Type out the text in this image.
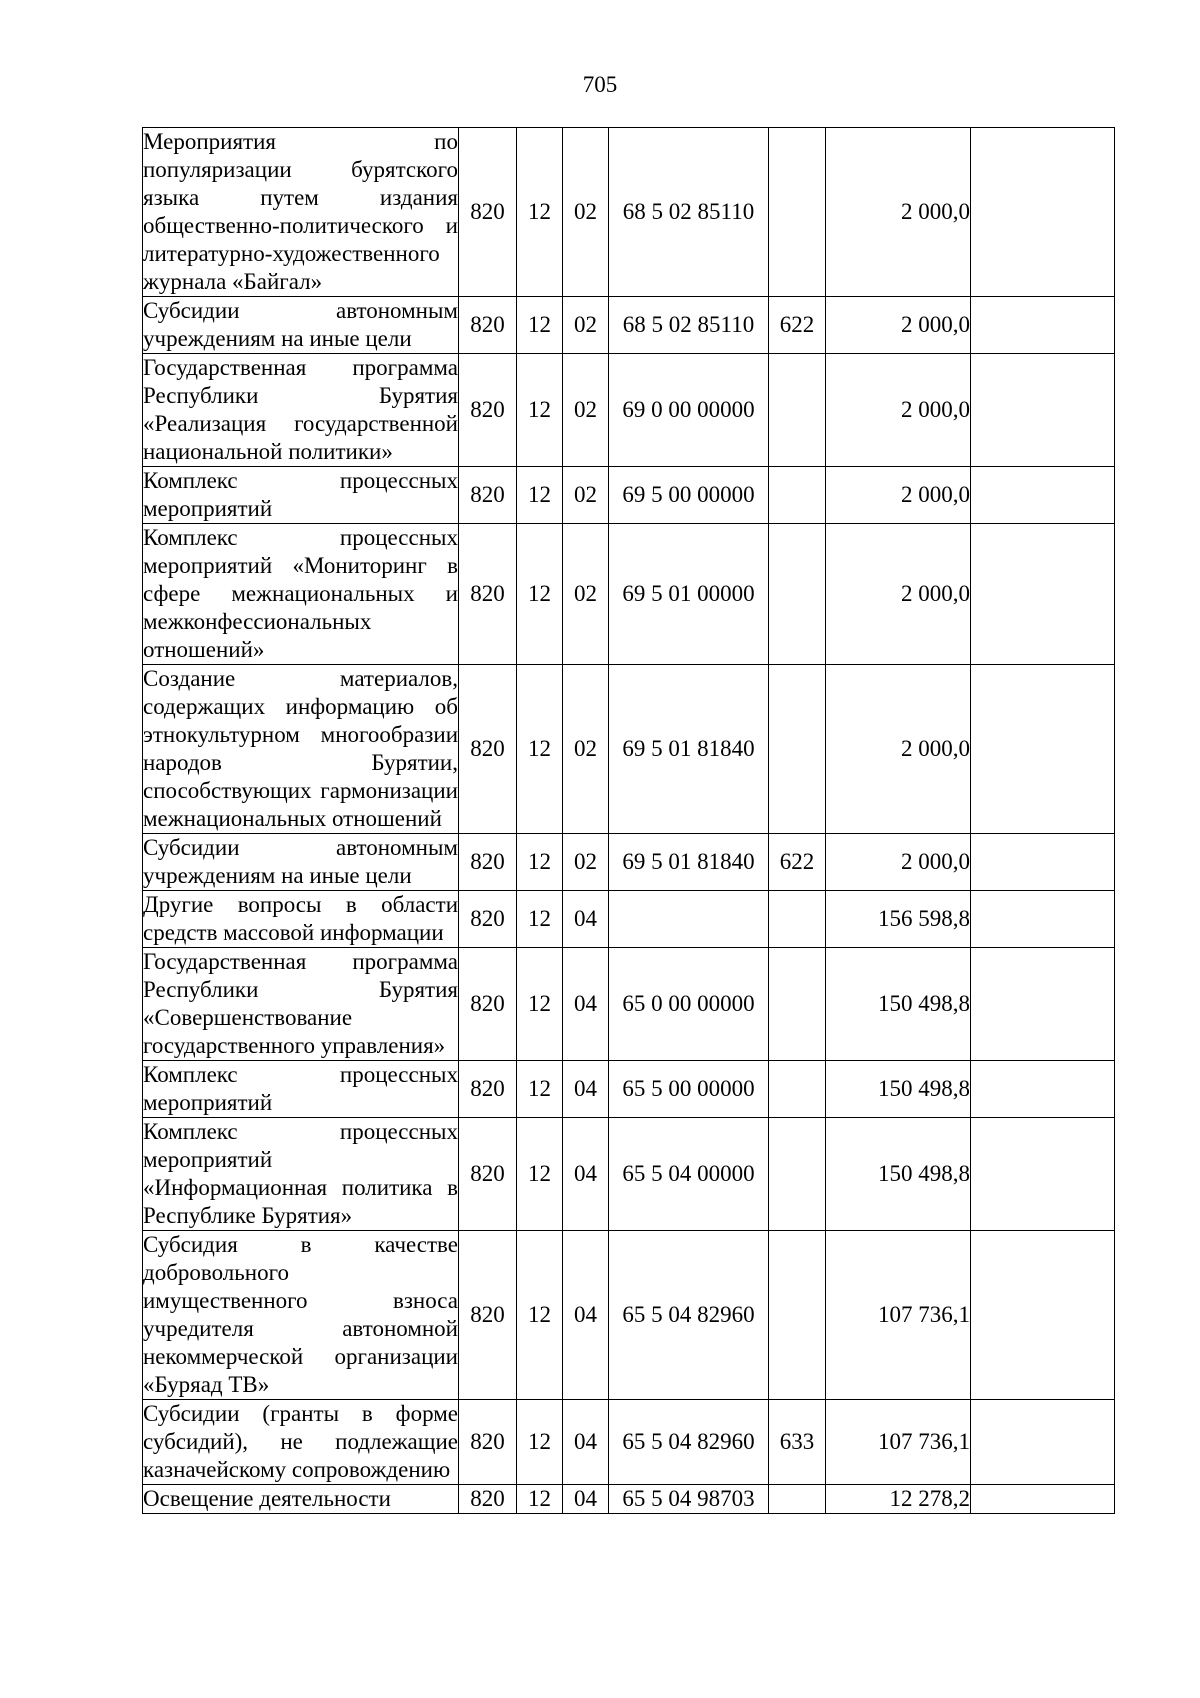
705
Мероприятия по популяризации бурятского языка путем издания общественно-политического и литературно-художественного журнала «Байгал»	820	12	02	68 5 02 85110		2 000,0	
Субсидии автономным учреждениям на иные цели	820	12	02	68 5 02 85110	622	2 000,0	
Государственная программа Республики Бурятия «Реализация государственной национальной политики»	820	12	02	69 0 00 00000		2 000,0	
Комплекс процессных мероприятий	820	12	02	69 5 00 00000		2 000,0	
Комплекс процессных мероприятий «Мониторинг в сфере межнациональных и межконфессиональных отношений»	820	12	02	69 5 01 00000		2 000,0	
Создание материалов, содержащих информацию об этнокультурном многообразии народов Бурятии, способствующих гармонизации межнациональных отношений	820	12	02	69 5 01 81840		2 000,0	
Субсидии автономным учреждениям на иные цели	820	12	02	69 5 01 81840	622	2 000,0	
Другие вопросы в области средств массовой информации	820	12	04			156 598,8	
Государственная программа Республики Бурятия «Совершенствование государственного управления»	820	12	04	65 0 00 00000		150 498,8	
Комплекс процессных мероприятий	820	12	04	65 5 00 00000		150 498,8	
Комплекс процессных мероприятий «Информационная политика в Республике Бурятия»	820	12	04	65 5 04 00000		150 498,8	
Субсидия в качестве добровольного имущественного взноса учредителя автономной некоммерческой организации «Буряад ТВ»	820	12	04	65 5 04 82960		107 736,1	
Субсидии (гранты в форме субсидий), не подлежащие казначейскому сопровождению	820	12	04	65 5 04 82960	633	107 736,1	
Освещение деятельности	820	12	04	65 5 04 98703		12 278,2	
